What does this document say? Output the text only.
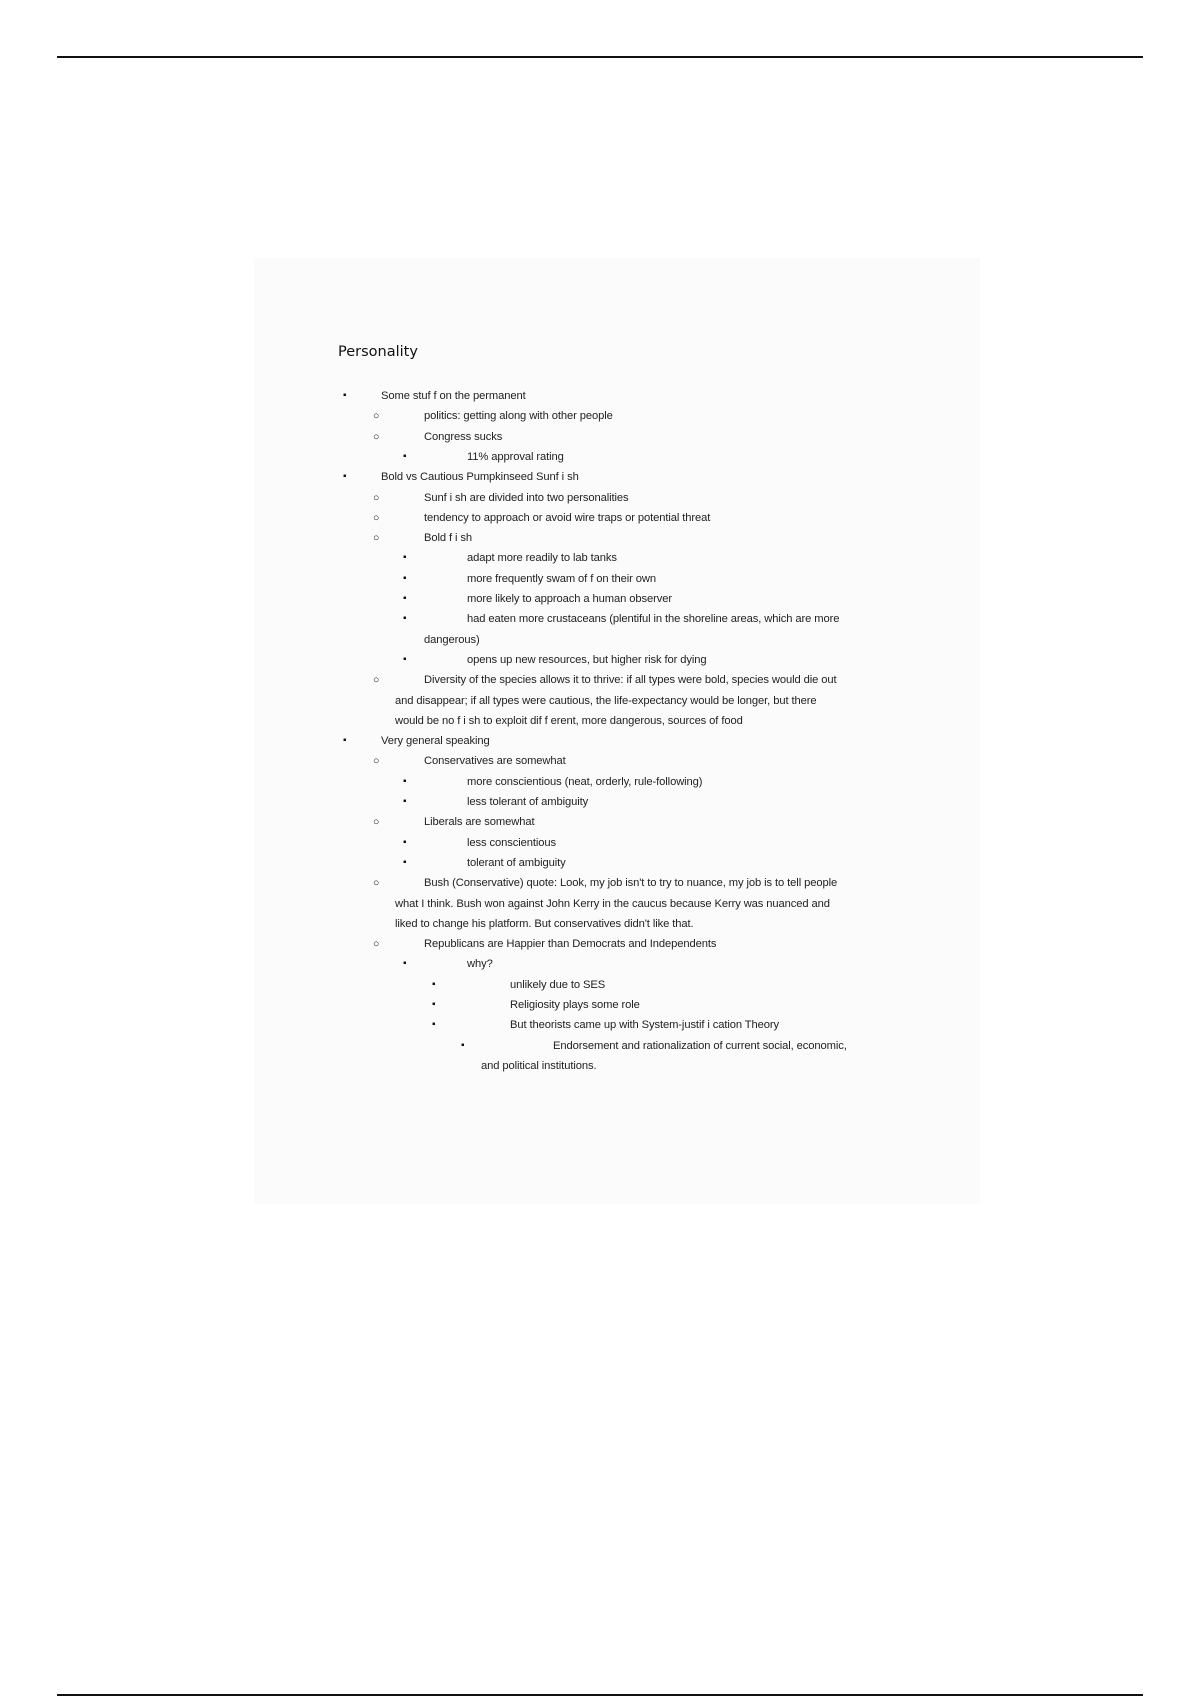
Personality
▪	Some stuf f on the permanent
○	politics: getting along with other people
○	Congress sucks
▪	11% approval rating
▪	Bold vs Cautious Pumpkinseed Sunf i sh
○	Sunf i sh are divided into two personalities
○	tendency to approach or avoid wire traps or potential threat
○	Bold f i sh
▪	adapt more readily to lab tanks
▪	more frequently swam of f on their own
▪	more likely to approach a human observer
▪	had eaten more crustaceans (plentiful in the shoreline areas, which are more
dangerous)
▪	opens up new resources, but higher risk for dying
○	Diversity of the species allows it to thrive: if all types were bold, species would die out
and disappear; if all types were cautious, the life-expectancy would be longer, but there
would be no f i sh to exploit dif f erent, more dangerous, sources of food
▪	Very general speaking
○	Conservatives are somewhat
▪	more conscientious (neat, orderly, rule-following)
▪	less tolerant of ambiguity
○	Liberals are somewhat
▪	less conscientious
▪	tolerant of ambiguity
○	Bush (Conservative) quote: Look, my job isn't to try to nuance, my job is to tell people
what I think. Bush won against John Kerry in the caucus because Kerry was nuanced and
liked to change his platform. But conservatives didn't like that.
○	Republicans are Happier than Democrats and Independents
▪	why?
▪	unlikely due to SES
▪	Religiosity plays some role
▪	But theorists came up with System-justif i cation Theory
▪	Endorsement and rationalization of current social, economic,
and political institutions.
